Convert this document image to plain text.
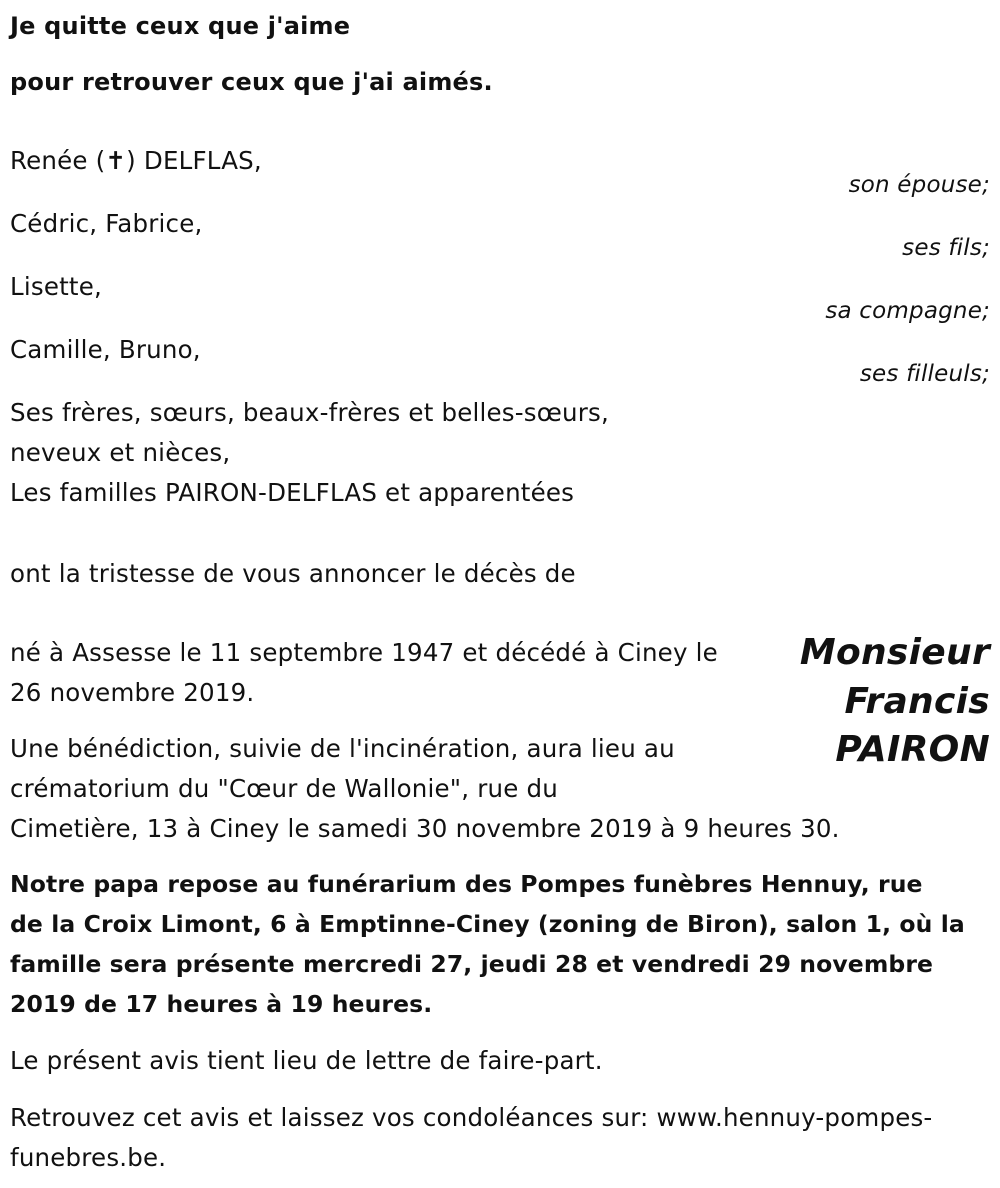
Je quitte ceux que j'aime
pour retrouver ceux que j'ai aimés.
Renée (✝) DELFLAS,
son épouse;
Cédric, Fabrice,
ses fils;
Lisette,
sa compagne;
Camille, Bruno,
ses filleuls;
Ses frères, sœurs, beaux-frères et belles-sœurs,
neveux et nièces,
Les familles PAIRON-DELFLAS et apparentées
ont la tristesse de vous annoncer le décès de
Monsieur
Francis
PAIRON
né à Assesse le 11 septembre 1947 et décédé à Ciney le
26 novembre 2019.
Une bénédiction, suivie de l'incinération, aura lieu au
crématorium du "Cœur de Wallonie", rue du
Cimetière, 13 à Ciney le samedi 30 novembre 2019 à 9 heures 30.
Notre papa repose au funérarium des Pompes funèbres Hennuy, rue
de la Croix Limont, 6 à Emptinne-Ciney (zoning de Biron), salon 1, où la
famille sera présente mercredi 27, jeudi 28 et vendredi 29 novembre
2019 de 17 heures à 19 heures.
Le présent avis tient lieu de lettre de faire-part.
Retrouvez cet avis et laissez vos condoléances sur: www.hennuy-pompes-
funebres.be.
